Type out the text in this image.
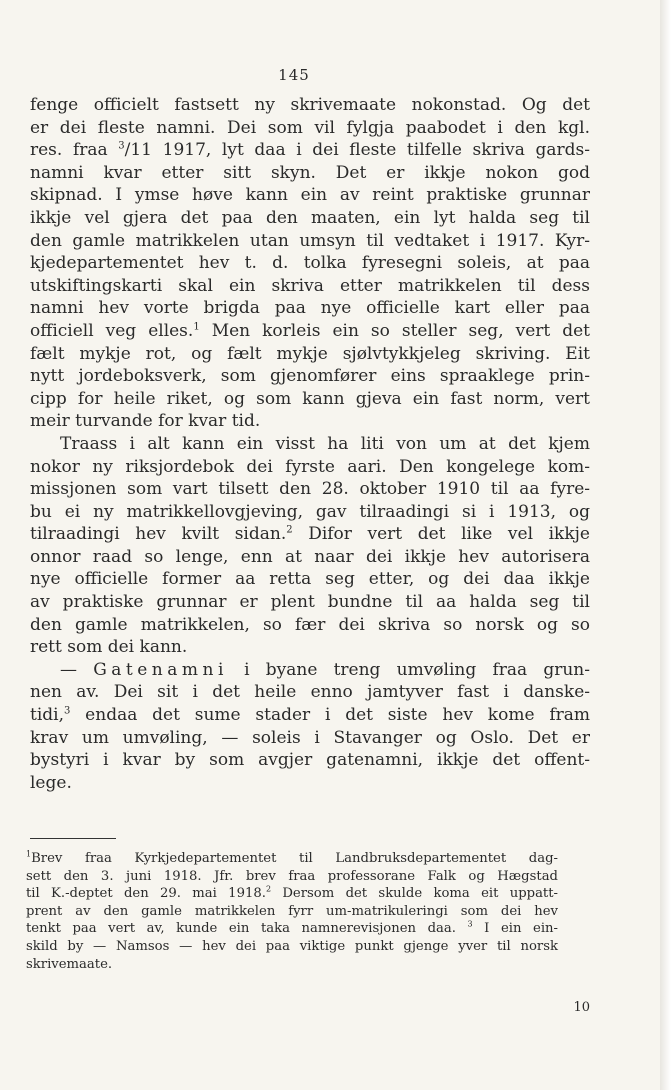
145
fenge officielt fastsett ny skrivemaate nokonstad. Og det
er dei fleste namni. Dei som vil fylgja paabodet i den kgl.
res. fraa $^3$/11 1917, lyt daa i dei fleste tilfelle skriva gards-
namni kvar etter sitt skyn. Det er ikkje nokon god
skipnad. I ymse høve kann ein av reint praktiske grunnar
ikkje vel gjera det paa den maaten, ein lyt halda seg til
den gamle matrikkelen utan umsyn til vedtaket i 1917. Kyr-
kjedepartementet hev t. d. tolka fyresegni soleis, at paa
utskiftingskarti skal ein skriva etter matrikkelen til dess
namni hev vorte brigda paa nye officielle kart eller paa
officiell veg elles.$^1$ Men korleis ein so steller seg, vert det
fælt mykje rot, og fælt mykje sjølvtykkjeleg skriving. Eit
nytt jordeboksverk, som gjenomfører eins spraaklege prin-
cipp for heile riket, og som kann gjeva ein fast norm, vert
meir turvande for kvar tid.
Traass i alt kann ein visst ha liti von um at det kjem
nokor ny riksjordebok dei fyrste aari. Den kongelege kom-
missjonen som vart tilsett den 28. oktober 1910 til aa fyre-
bu ei ny matrikkellovgjeving, gav tilraadingi si i 1913, og
tilraadingi hev kvilt sidan.$^2$ Difor vert det like vel ikkje
onnor raad so lenge, enn at naar dei ikkje hev autorisera
nye officielle former aa retta seg etter, og dei daa ikkje
av praktiske grunnar er plent bundne til aa halda seg til
den gamle matrikkelen, so fær dei skriva so norsk og so
rett som dei kann.
— Gatenamni i byane treng umvøling fraa grun-
nen av. Dei sit i det heile enno jamtyver fast i danske-
tidi,$^3$ endaa det sume stader i det siste hev kome fram
krav um umvøling, — soleis i Stavanger og Oslo. Det er
bystyri i kvar by som avgjer gatenamni, ikkje det offent-
lege.
$^1$Brev fraa Kyrkjedepartementet til Landbruksdepartementet dag-
sett den 3. juni 1918. Jfr. brev fraa professorane Falk og Hægstad
til K.-deptet den 29. mai 1918.$^2$ Dersom det skulde koma eit uppatt-
prent av den gamle matrikkelen fyrr um-matrikuleringi som dei hev
tenkt paa vert av, kunde ein taka namnerevisjonen daa. $^3$ I ein ein-
skild by — Namsos — hev dei paa viktige punkt gjenge yver til norsk
skrivemaate.
10
